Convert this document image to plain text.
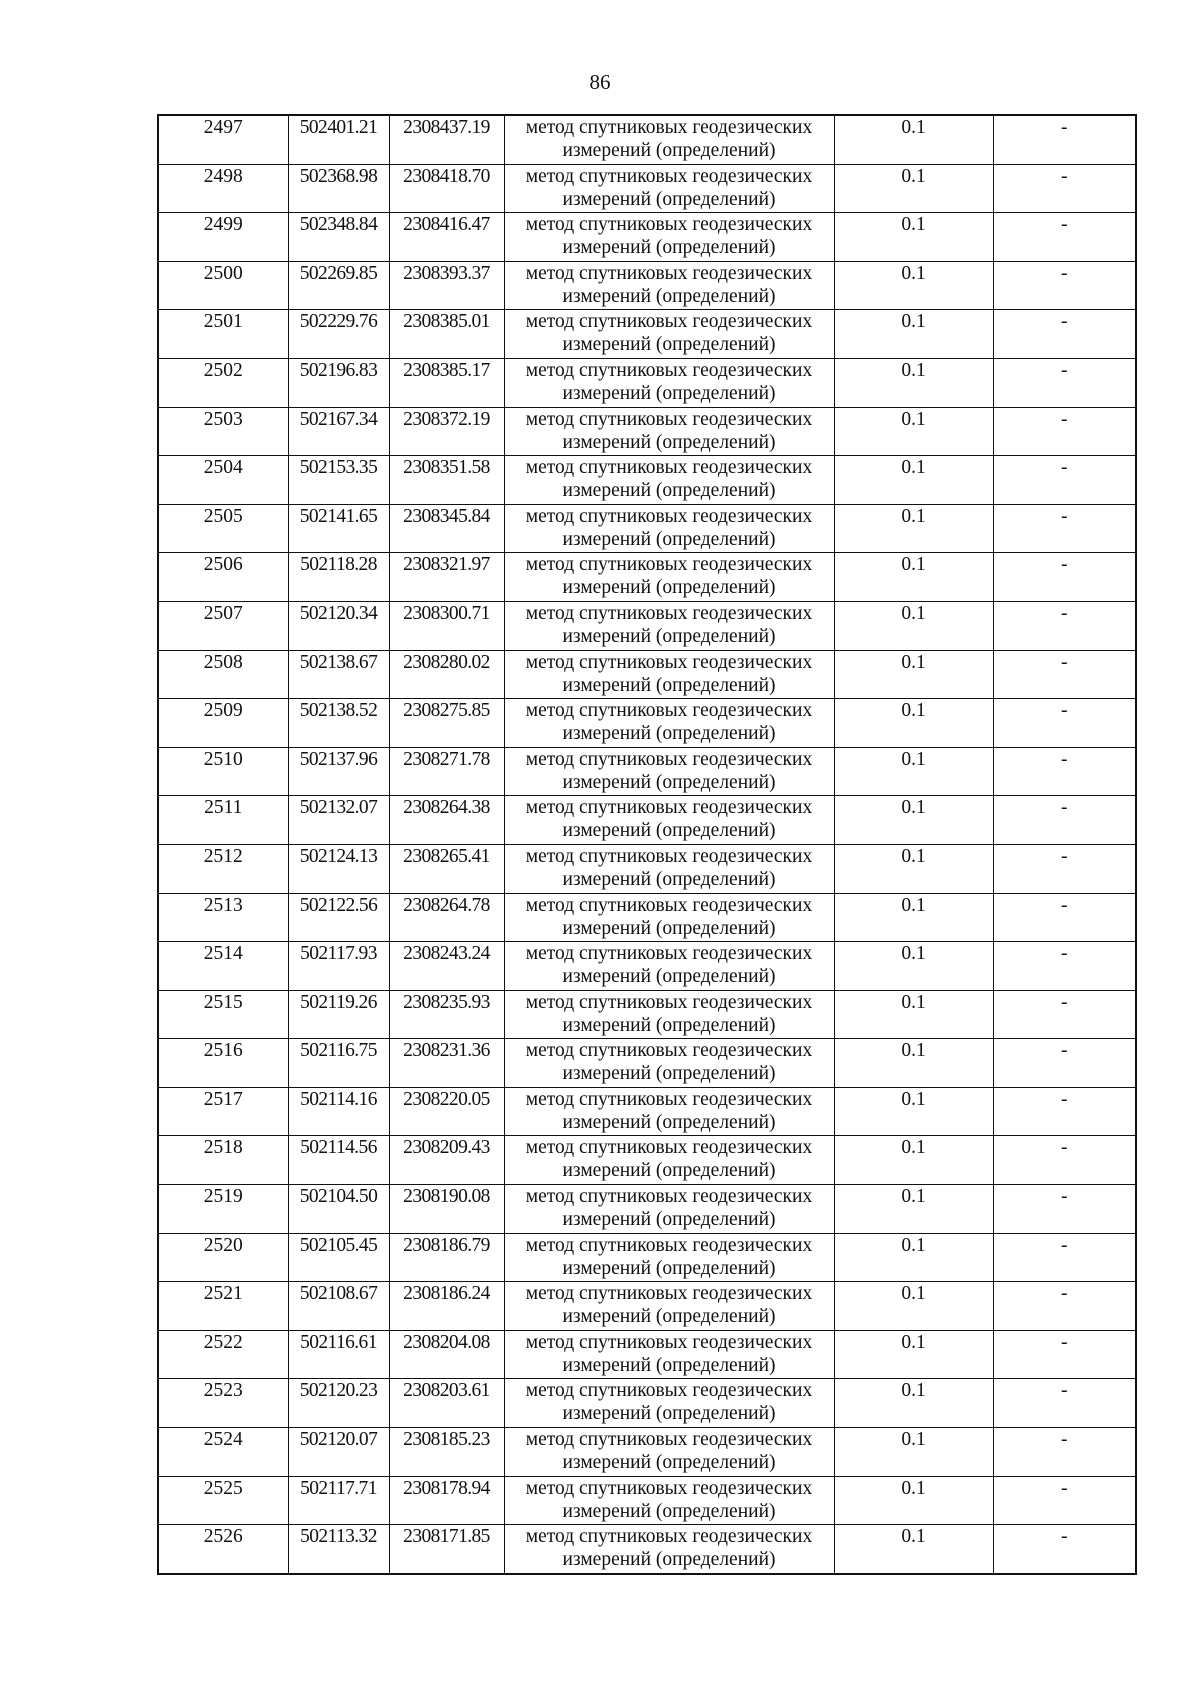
86
2497	502401.21	2308437.19	метод спутниковых геодезических
измерений (определений)	0.1	-
2498	502368.98	2308418.70	метод спутниковых геодезических
измерений (определений)	0.1	-
2499	502348.84	2308416.47	метод спутниковых геодезических
измерений (определений)	0.1	-
2500	502269.85	2308393.37	метод спутниковых геодезических
измерений (определений)	0.1	-
2501	502229.76	2308385.01	метод спутниковых геодезических
измерений (определений)	0.1	-
2502	502196.83	2308385.17	метод спутниковых геодезических
измерений (определений)	0.1	-
2503	502167.34	2308372.19	метод спутниковых геодезических
измерений (определений)	0.1	-
2504	502153.35	2308351.58	метод спутниковых геодезических
измерений (определений)	0.1	-
2505	502141.65	2308345.84	метод спутниковых геодезических
измерений (определений)	0.1	-
2506	502118.28	2308321.97	метод спутниковых геодезических
измерений (определений)	0.1	-
2507	502120.34	2308300.71	метод спутниковых геодезических
измерений (определений)	0.1	-
2508	502138.67	2308280.02	метод спутниковых геодезических
измерений (определений)	0.1	-
2509	502138.52	2308275.85	метод спутниковых геодезических
измерений (определений)	0.1	-
2510	502137.96	2308271.78	метод спутниковых геодезических
измерений (определений)	0.1	-
2511	502132.07	2308264.38	метод спутниковых геодезических
измерений (определений)	0.1	-
2512	502124.13	2308265.41	метод спутниковых геодезических
измерений (определений)	0.1	-
2513	502122.56	2308264.78	метод спутниковых геодезических
измерений (определений)	0.1	-
2514	502117.93	2308243.24	метод спутниковых геодезических
измерений (определений)	0.1	-
2515	502119.26	2308235.93	метод спутниковых геодезических
измерений (определений)	0.1	-
2516	502116.75	2308231.36	метод спутниковых геодезических
измерений (определений)	0.1	-
2517	502114.16	2308220.05	метод спутниковых геодезических
измерений (определений)	0.1	-
2518	502114.56	2308209.43	метод спутниковых геодезических
измерений (определений)	0.1	-
2519	502104.50	2308190.08	метод спутниковых геодезических
измерений (определений)	0.1	-
2520	502105.45	2308186.79	метод спутниковых геодезических
измерений (определений)	0.1	-
2521	502108.67	2308186.24	метод спутниковых геодезических
измерений (определений)	0.1	-
2522	502116.61	2308204.08	метод спутниковых геодезических
измерений (определений)	0.1	-
2523	502120.23	2308203.61	метод спутниковых геодезических
измерений (определений)	0.1	-
2524	502120.07	2308185.23	метод спутниковых геодезических
измерений (определений)	0.1	-
2525	502117.71	2308178.94	метод спутниковых геодезических
измерений (определений)	0.1	-
2526	502113.32	2308171.85	метод спутниковых геодезических
измерений (определений)	0.1	-
